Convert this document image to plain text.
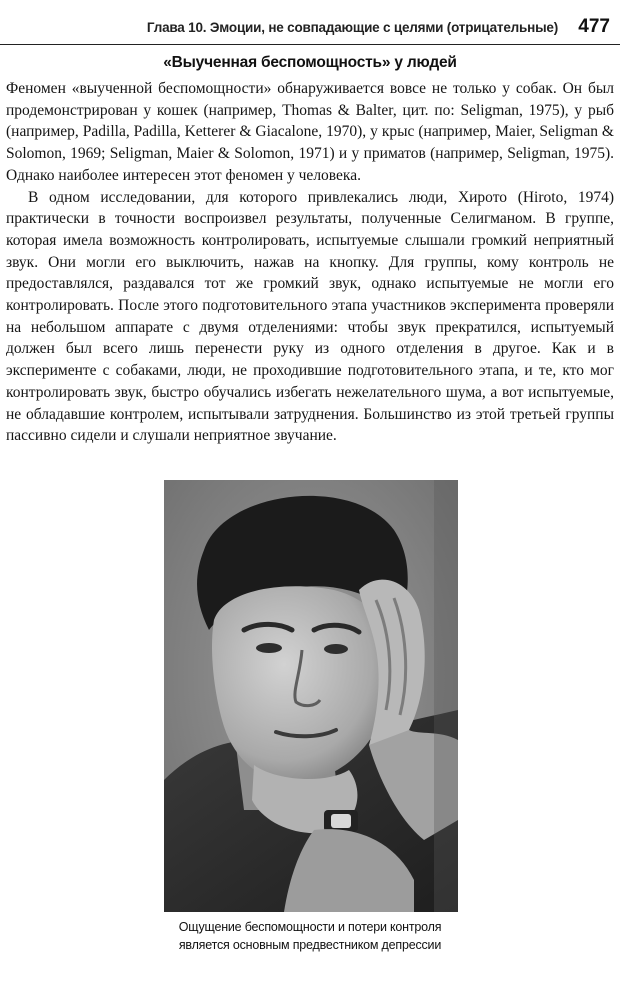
Глава 10. Эмоции, не совпадающие с целями (отрицательные) 477
«Выученная беспомощность» у людей

Феномен «выученной беспомощности» обнаруживается вовсе не только у собак. Он был продемонстрирован у кошек (например, Thomas & Balter, цит. по: Seligman, 1975), у рыб (например, Padilla, Padilla, Ketterer & Giacalone, 1970), у крыс (например, Maier, Seligman & Solomon, 1969; Seligman, Maier & Solomon, 1971) и у приматов (например, Seligman, 1975). Однако наиболее интересен этот феномен у человека.

В одном исследовании, для которого привлекались люди, Хирото (Hiroto, 1974) практически в точности воспроизвел результаты, полученные Селигманом. В группе, которая имела возможность контролировать, испытуемые слышали громкий неприятный звук. Они могли его выключить, нажав на кнопку. Для группы, кому контроль не предоставлялся, раздавался тот же громкий звук, однако испытуемые не могли его контролировать. После этого подготовительного этапа участников эксперимента проверяли на небольшом аппарате с двумя отделениями: чтобы звук прекратился, испытуемый должен был всего лишь перенести руку из одного отделения в другое. Как и в эксперименте с собаками, люди, не проходившие подготовительного этапа, и те, кто мог контролировать звук, быстро обучались избегать нежелательного шума, а вот испытуемые, не обладавшие контролем, испытывали затруднения. Большинство из этой третьей группы пассивно сидели и слушали неприятное звучание.

Ощущение беспомощности и потери контроля
является основным предвестником депрессии
